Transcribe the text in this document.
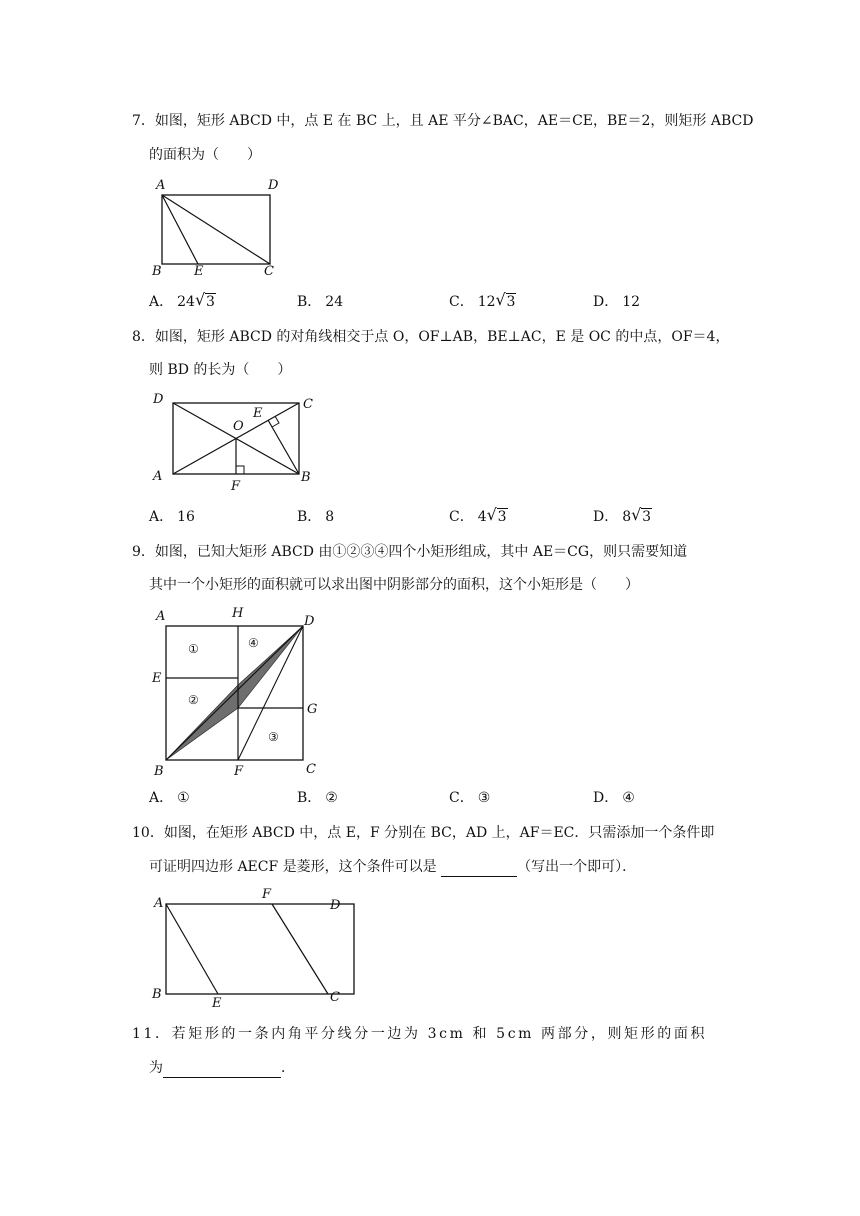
7．如图，矩形 ABCD 中，点 E 在 BC 上，且 AE 平分∠BAC，AE＝CE，BE＝2，则矩形 ABCD
的面积为（　　）
A	D
B E	C
A． 24 √ 3	B． 24	C． 12 √ 3	D． 12
8．如图，矩形 ABCD 的对角线相交于点 O，OF⊥AB，BE⊥AC，E 是 OC 的中点，OF＝4，
则 BD 的长为（　　）
D	C
O
E
A	B
F
A． 16	B． 8	C． 4 √ 3	D． 8 √ 3
9．如图，已知大矩形 ABCD 由①②③④四个小矩形组成，其中 AE＝CG，则只需要知道
其中一个小矩形的面积就可以求出图中阴影部分的面积，这个小矩形是（　　）
A	H
D
E
G
B	F	C
①	④
②
③
A． ①	B． ②	C． ③	D． ④
10．如图，在矩形 ABCD 中，点 E，F 分别在 BC，AD 上，AF＝EC．只需添加一个条件即
可证明四边形 AECF 是菱形，这个条件可以是	（写出一个即可）．
A
F
D
B
E	C
11．若矩形的一条内角平分线分一边为 3cm 和 5cm 两部分，则矩形的面积
为	．
